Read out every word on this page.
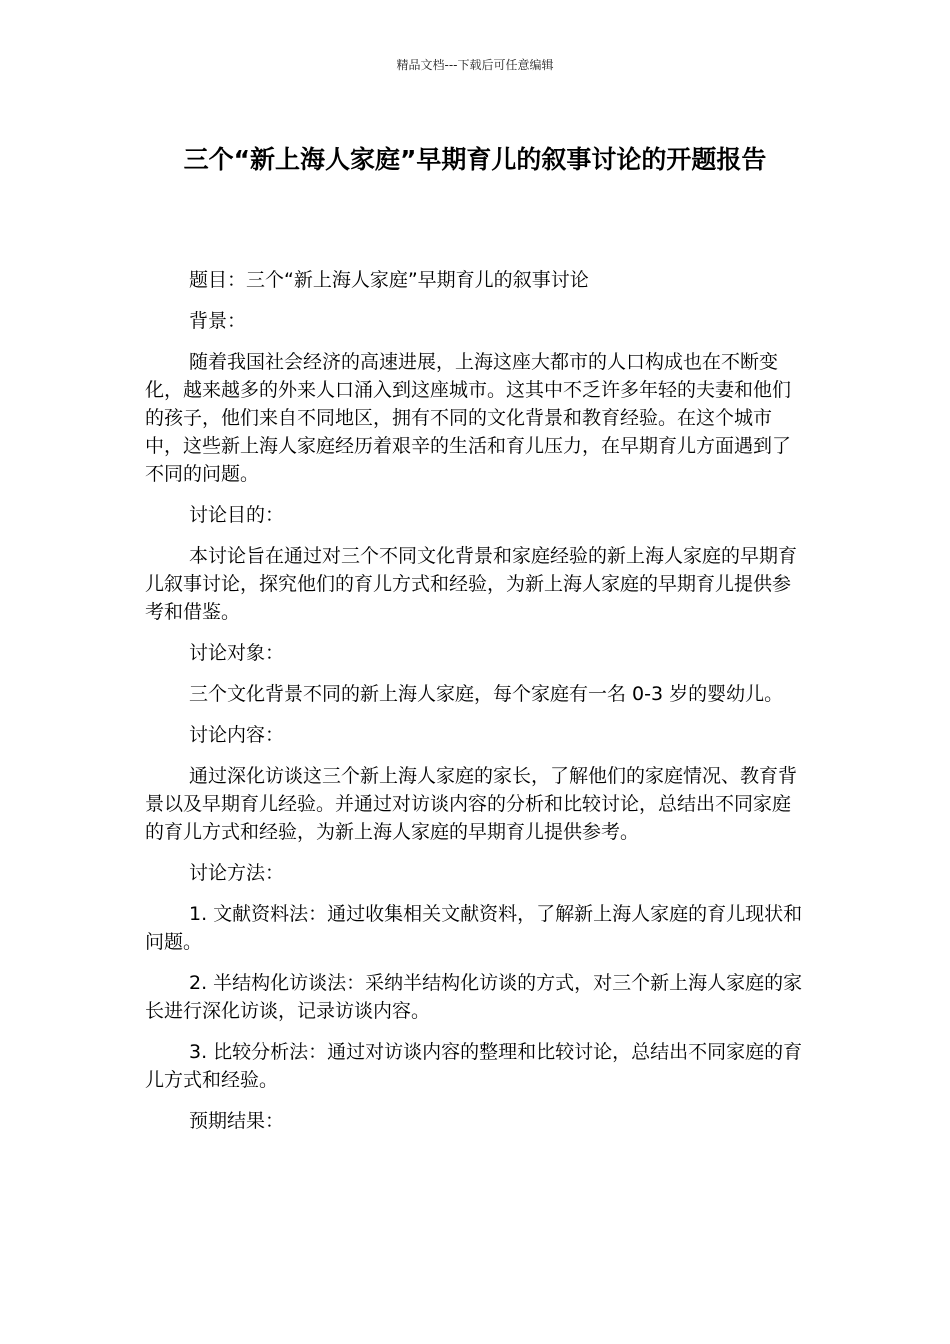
精品文档---下载后可任意编辑
三个“新上海人家庭”早期育儿的叙事讨论的开题报告

题目：三个“新上海人家庭”早期育儿的叙事讨论

背景：

随着我国社会经济的高速进展，上海这座大都市的人口构成也在不断变化，越来越多的外来人口涌入到这座城市。这其中不乏许多年轻的夫妻和他们的孩子，他们来自不同地区，拥有不同的文化背景和教育经验。在这个城市中，这些新上海人家庭经历着艰辛的生活和育儿压力，在早期育儿方面遇到了不同的问题。

讨论目的：

本讨论旨在通过对三个不同文化背景和家庭经验的新上海人家庭的早期育儿叙事讨论，探究他们的育儿方式和经验，为新上海人家庭的早期育儿提供参考和借鉴。

讨论对象：

三个文化背景不同的新上海人家庭，每个家庭有一名 0-3 岁的婴幼儿。

讨论内容：

通过深化访谈这三个新上海人家庭的家长，了解他们的家庭情况、教育背景以及早期育儿经验。并通过对访谈内容的分析和比较讨论，总结出不同家庭的育儿方式和经验，为新上海人家庭的早期育儿提供参考。

讨论方法：

1. 文献资料法：通过收集相关文献资料，了解新上海人家庭的育儿现状和问题。

2. 半结构化访谈法：采纳半结构化访谈的方式，对三个新上海人家庭的家长进行深化访谈，记录访谈内容。

3. 比较分析法：通过对访谈内容的整理和比较讨论，总结出不同家庭的育儿方式和经验。

预期结果：
